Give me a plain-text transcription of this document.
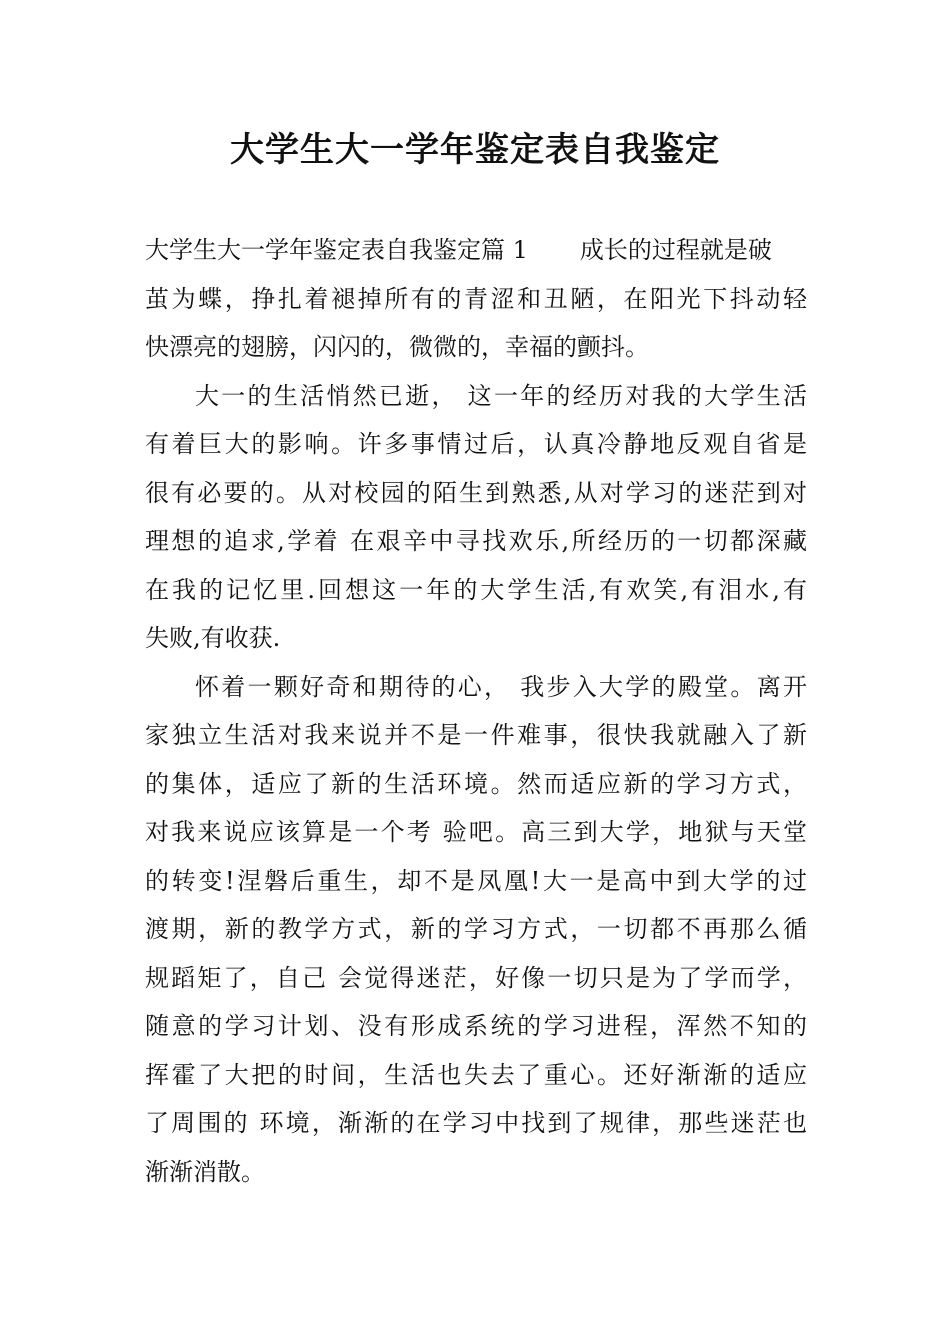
大学生大一学年鉴定表自我鉴定
大学生大一学年鉴定表自我鉴定篇 1 成长的过程就是破
茧为蝶，挣扎着褪掉所有的青涩和丑陋，在阳光下抖动轻
快漂亮的翅膀，闪闪的，微微的，幸福的颤抖。
大一的生活悄然已逝， 这一年的经历对我的大学生活
有着巨大的影响。许多事情过后，认真冷静地反观自省是
很有必要的。从对校园的陌生到熟悉,从对学习的迷茫到对
理想的追求,学着 在艰辛中寻找欢乐,所经历的一切都深藏
在我的记忆里.回想这一年的大学生活,有欢笑,有泪水,有
失败,有收获.
怀着一颗好奇和期待的心， 我步入大学的殿堂。离开
家独立生活对我来说并不是一件难事，很快我就融入了新
的集体，适应了新的生活环境。然而适应新的学习方式，
对我来说应该算是一个考 验吧。高三到大学，地狱与天堂
的转变!涅磐后重生，却不是凤凰!大一是高中到大学的过
渡期，新的教学方式，新的学习方式，一切都不再那么循
规蹈矩了，自己 会觉得迷茫，好像一切只是为了学而学，
随意的学习计划、没有形成系统的学习进程，浑然不知的
挥霍了大把的时间，生活也失去了重心。还好渐渐的适应
了周围的 环境，渐渐的在学习中找到了规律，那些迷茫也
渐渐消散。
